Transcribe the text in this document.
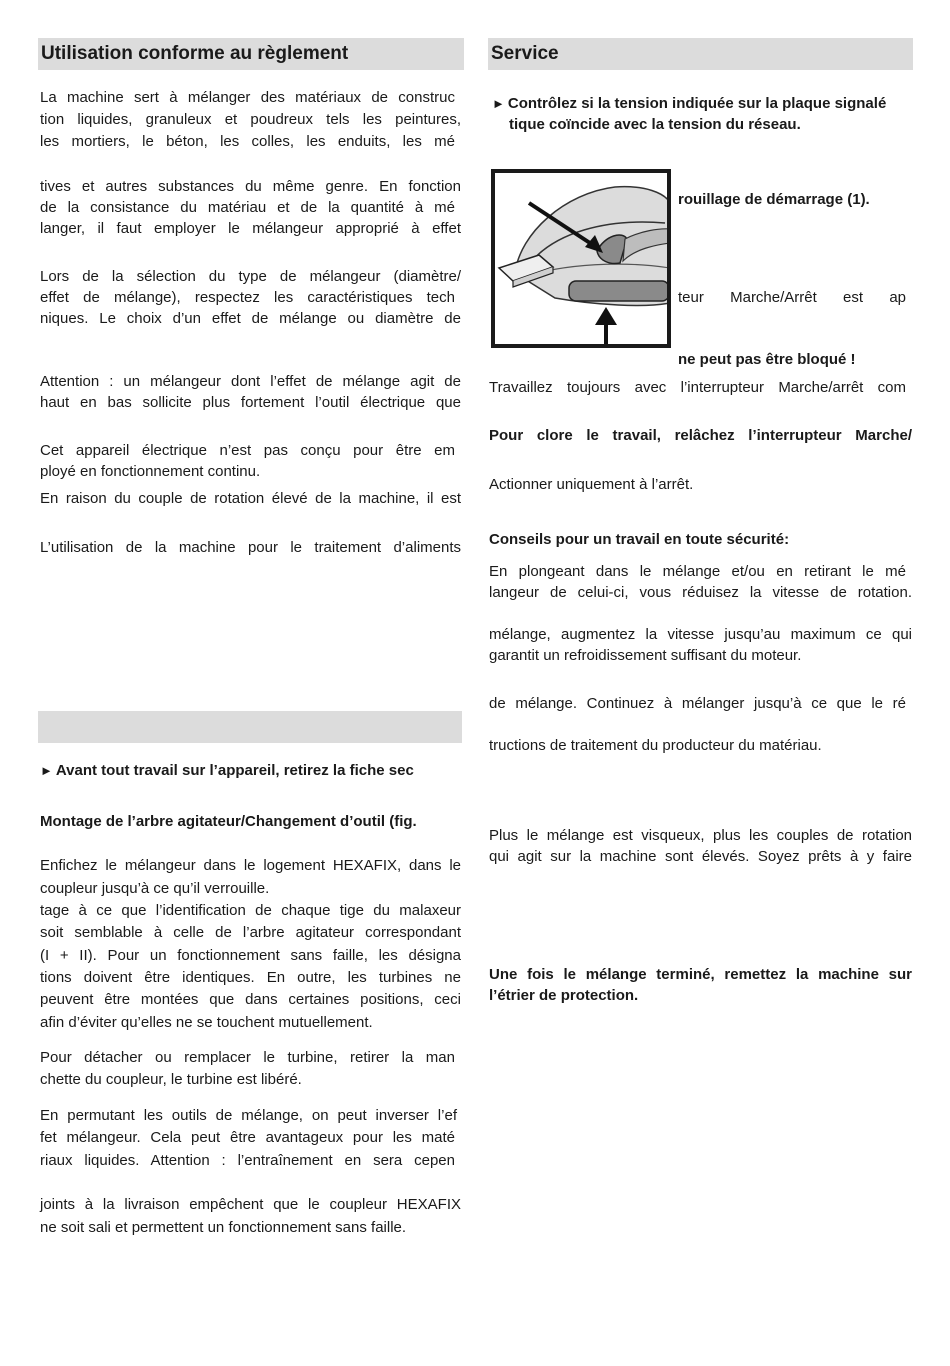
Utilisation conforme au règlement
La machine sert à mélanger des matériaux de construc
tion liquides, granuleux et poudreux tels les peintures,
les mortiers, le béton, les colles, les enduits, les mé
tives et autres substances du même genre. En fonction
de la consistance du matériau et de la quantité à mé
langer, il faut employer le mélangeur approprié à effet
Lors de la sélection du type de mélangeur (diamètre/
effet de mélange), respectez les caractéristiques tech
niques. Le choix d’un effet de mélange ou diamètre de
Attention : un mélangeur dont l’effet de mélange agit de
haut en bas sollicite plus fortement l’outil électrique que
Cet appareil électrique n’est pas conçu pour être em
ployé en fonctionnement continu.
En raison du couple de rotation élevé de la machine, il est
L’utilisation de la machine pour le traitement d’aliments
► Avant tout travail sur l’appareil, retirez la fiche sec
Montage de l’arbre agitateur/Changement d’outil (fig.
Enfichez le mélangeur dans le logement HEXAFIX, dans le
coupleur jusqu’à ce qu’il verrouille.
tage à ce que l’identification de chaque tige du malaxeur
soit semblable à celle de l’arbre agitateur correspondant
(I + II). Pour un fonctionnement sans faille, les désigna
tions doivent être identiques. En outre, les turbines ne
peuvent être montées que dans certaines positions, ceci
afin d’éviter qu’elles ne se touchent mutuellement.
Pour détacher ou remplacer le turbine, retirer la man
chette du coupleur, le turbine est libéré.
En permutant les outils de mélange, on peut inverser l’ef
fet mélangeur. Cela peut être avantageux pour les maté
riaux liquides. Attention : l’entraînement en sera cepen
joints à la livraison empêchent que le coupleur HEXAFIX
ne soit sali et permettent un fonctionnement sans faille.
Service
► Contrôlez si la tension indiquée sur la plaque signalé
tique coïncide avec la tension du réseau.
rouillage de démarrage (1).
teur Marche/Arrêt est ap
ne peut pas être bloqué !
Travaillez toujours avec l’interrupteur Marche/arrêt com
Pour clore le travail, relâchez l’interrupteur Marche/
Actionner uniquement à l’arrêt.
Conseils pour un travail en toute sécurité:
En plongeant dans le mélange et/ou en retirant le mé
langeur de celui-ci, vous réduisez la vitesse de rotation.
mélange, augmentez la vitesse jusqu’au maximum ce qui
garantit un refroidissement suffisant du moteur.
de mélange. Continuez à mélanger jusqu’à ce que le ré
tructions de traitement du producteur du matériau.
Plus le mélange est visqueux, plus les couples de rotation
qui agit sur la machine sont élevés. Soyez prêts à y faire
Une fois le mélange terminé, remettez la machine sur
l’étrier de protection.
